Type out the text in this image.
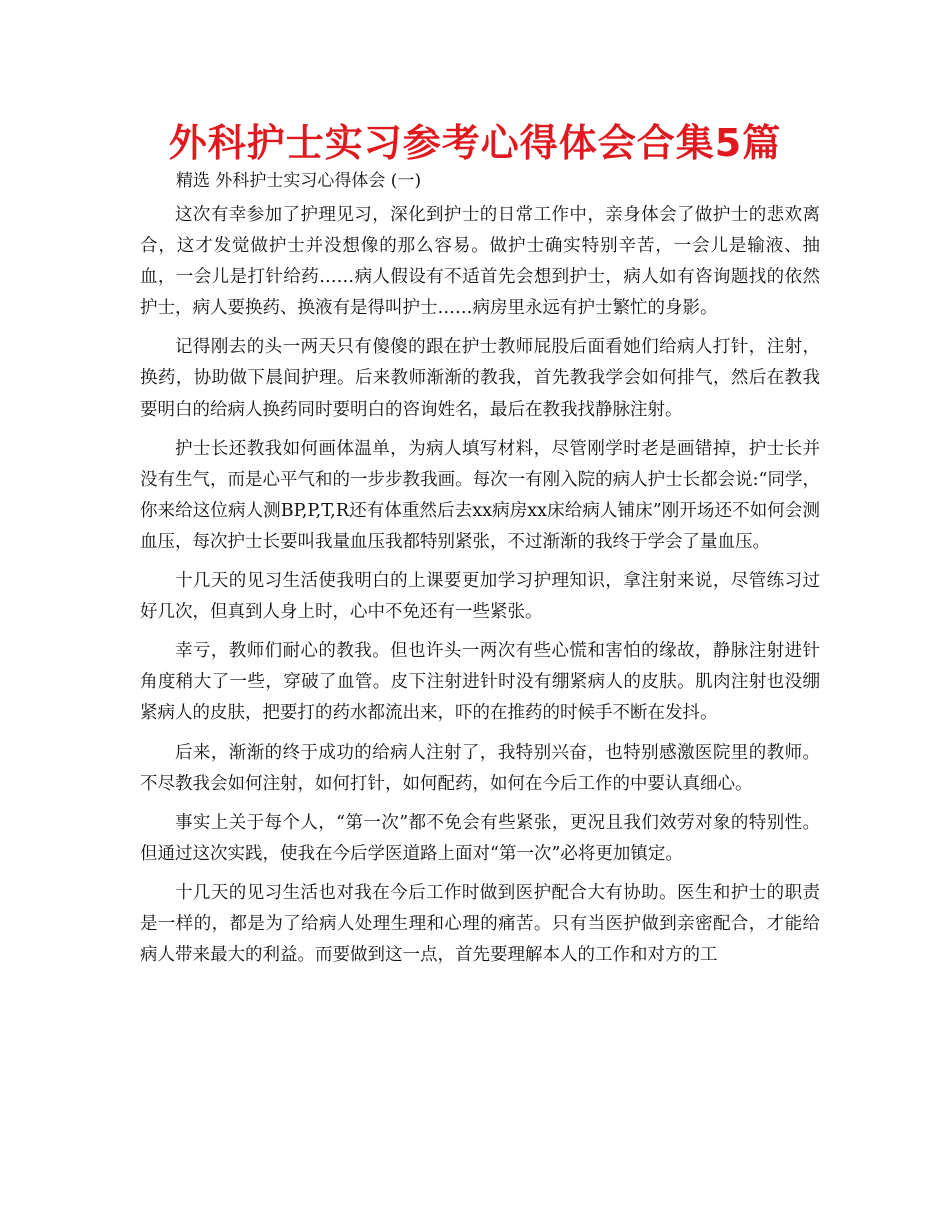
外科护士实习参考心得体会合集5篇
精选 外科护士实习心得体会 (一)

这次有幸参加了护理见习，深化到护士的日常工作中，亲身体会了做护士的悲欢离合，这才发觉做护士并没想像的那么容易。做护士确实特别辛苦，一会儿是输液、抽血，一会儿是打针给药……病人假设有不适首先会想到护士，病人如有咨询题找的依然护士，病人要换药、换液有是得叫护士……病房里永远有护士繁忙的身影。

记得刚去的头一两天只有傻傻的跟在护士教师屁股后面看她们给病人打针，注射，换药，协助做下晨间护理。后来教师渐渐的教我，首先教我学会如何排气，然后在教我要明白的给病人换药同时要明白的咨询姓名，最后在教我找静脉注射。

护士长还教我如何画体温单，为病人填写材料，尽管刚学时老是画错掉，护士长并没有生气，而是心平气和的一步步教我画。每次一有刚入院的病人护士长都会说:“同学，你来给这位病人测BP,P,T,R还有体重然后去xx病房xx床给病人铺床”刚开场还不如何会测血压，每次护士长要叫我量血压我都特别紧张，不过渐渐的我终于学会了量血压。

十几天的见习生活使我明白的上课要更加学习护理知识，拿注射来说，尽管练习过好几次，但真到人身上时，心中不免还有一些紧张。

幸亏，教师们耐心的教我。但也许头一两次有些心慌和害怕的缘故，静脉注射进针角度稍大了一些，穿破了血管。皮下注射进针时没有绷紧病人的皮肤。肌肉注射也没绷紧病人的皮肤，把要打的药水都流出来，吓的在推药的时候手不断在发抖。

后来，渐渐的终于成功的给病人注射了，我特别兴奋，也特别感激医院里的教师。不尽教我会如何注射，如何打针，如何配药，如何在今后工作的中要认真细心。

事实上关于每个人，“第一次”都不免会有些紧张，更况且我们效劳对象的特别性。但通过这次实践，使我在今后学医道路上面对“第一次”必将更加镇定。

十几天的见习生活也对我在今后工作时做到医护配合大有协助。医生和护士的职责是一样的，都是为了给病人处理生理和心理的痛苦。只有当医护做到亲密配合，才能给病人带来最大的利益。而要做到这一点，首先要理解本人的工作和对方的工
